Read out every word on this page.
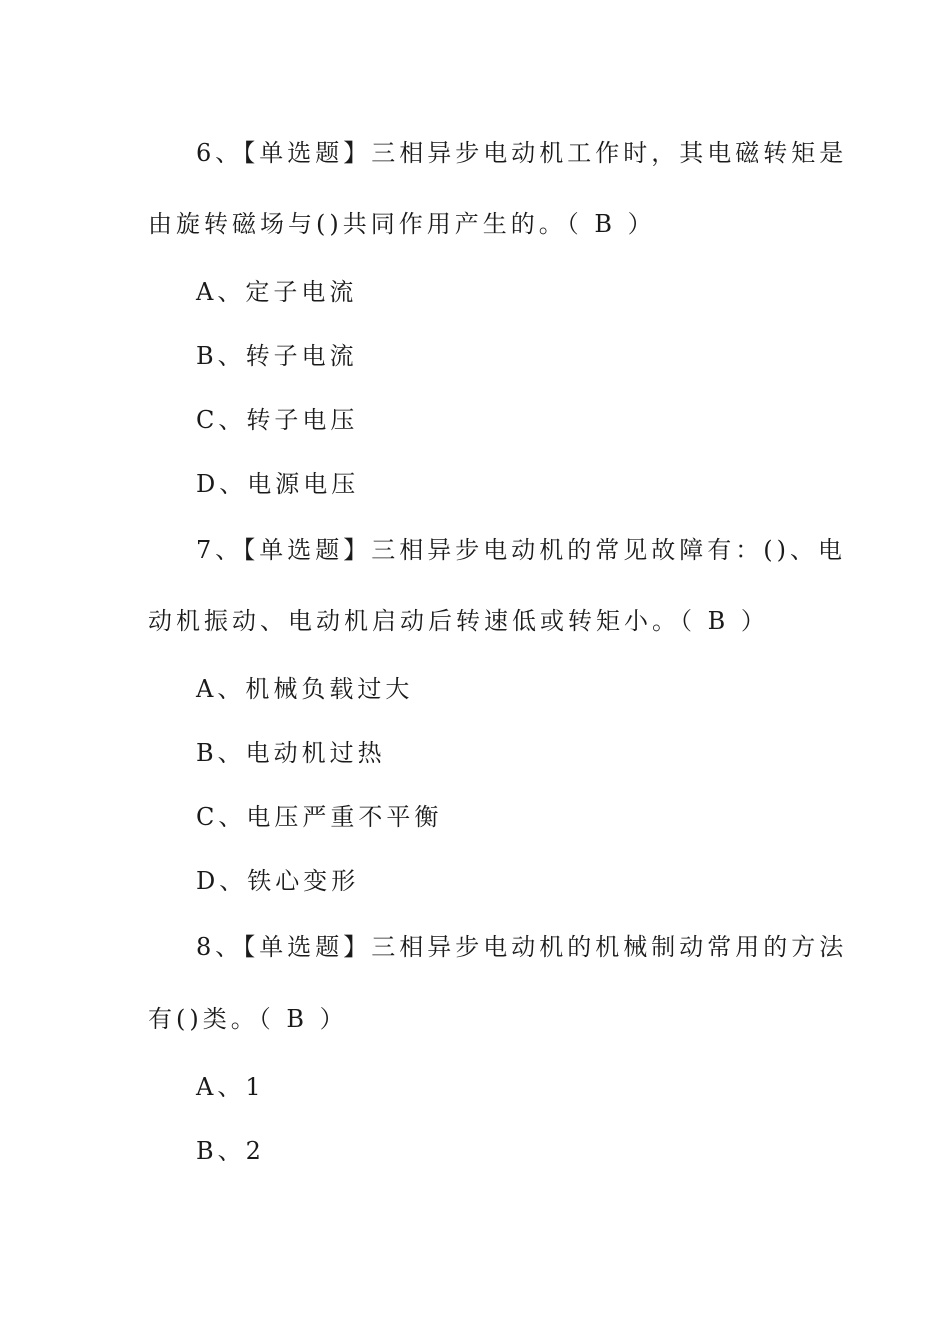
6、【单选题】三相异步电动机工作时，其电磁转矩是
由旋转磁场与()共同作用产生的。（ B ）
A、定子电流
B、转子电流
C、转子电压
D、电源电压
7、【单选题】三相异步电动机的常见故障有：()、电
动机振动、电动机启动后转速低或转矩小。（ B ）
A、机械负载过大
B、电动机过热
C、电压严重不平衡
D、铁心变形
8、【单选题】三相异步电动机的机械制动常用的方法
有()类。（ B ）
A、1
B、2
